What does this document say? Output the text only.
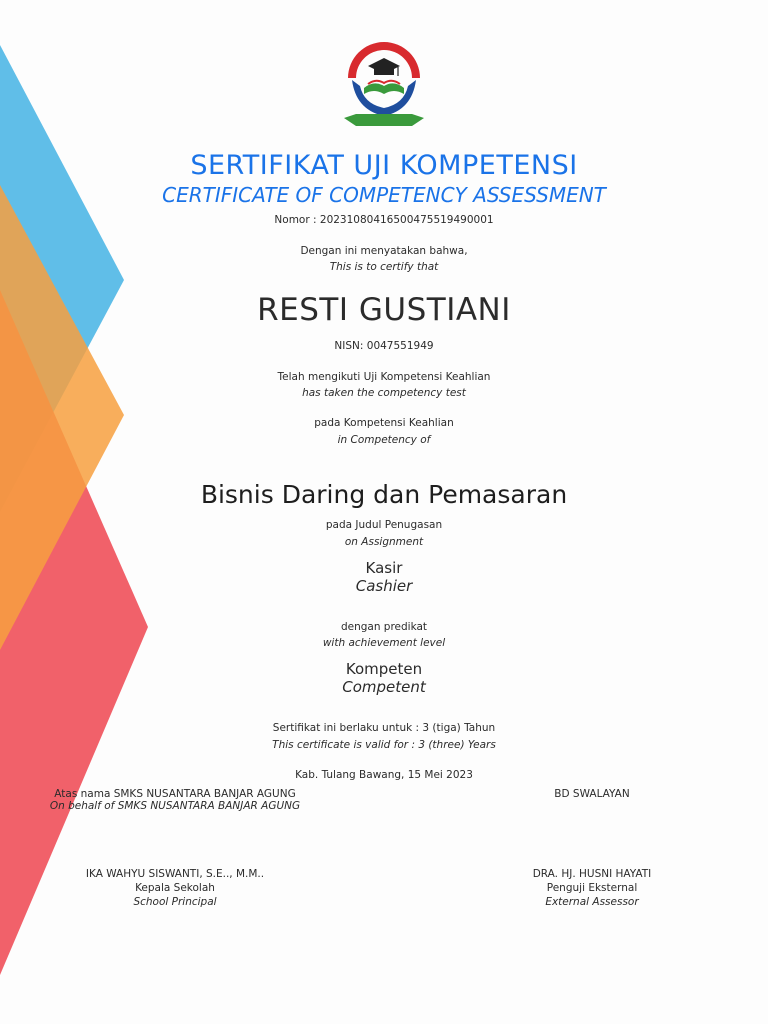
SERTIFIKAT UJI KOMPETENSI
CERTIFICATE OF COMPETENCY ASSESSMENT
Nomor : 20231080416500475519490001
Dengan ini menyatakan bahwa,
This is to certify that
RESTI GUSTIANI
NISN: 0047551949
Telah mengikuti Uji Kompetensi Keahlian
has taken the competency test
pada Kompetensi Keahlian
in Competency of
Bisnis Daring dan Pemasaran
pada Judul Penugasan
on Assignment
Kasir
Cashier
dengan predikat
with achievement level
Kompeten
Competent
Sertifikat ini berlaku untuk : 3 (tiga) Tahun
This certificate is valid for : 3 (three) Years
Kab. Tulang Bawang, 15 Mei 2023
Atas nama SMKS NUSANTARA BANJAR AGUNG
On behalf of SMKS NUSANTARA BANJAR AGUNG
IKA WAHYU SISWANTI, S.E.., M.M..
Kepala Sekolah
School Principal
BD SWALAYAN
DRA. HJ. HUSNI HAYATI
Penguji Eksternal
External Assessor
